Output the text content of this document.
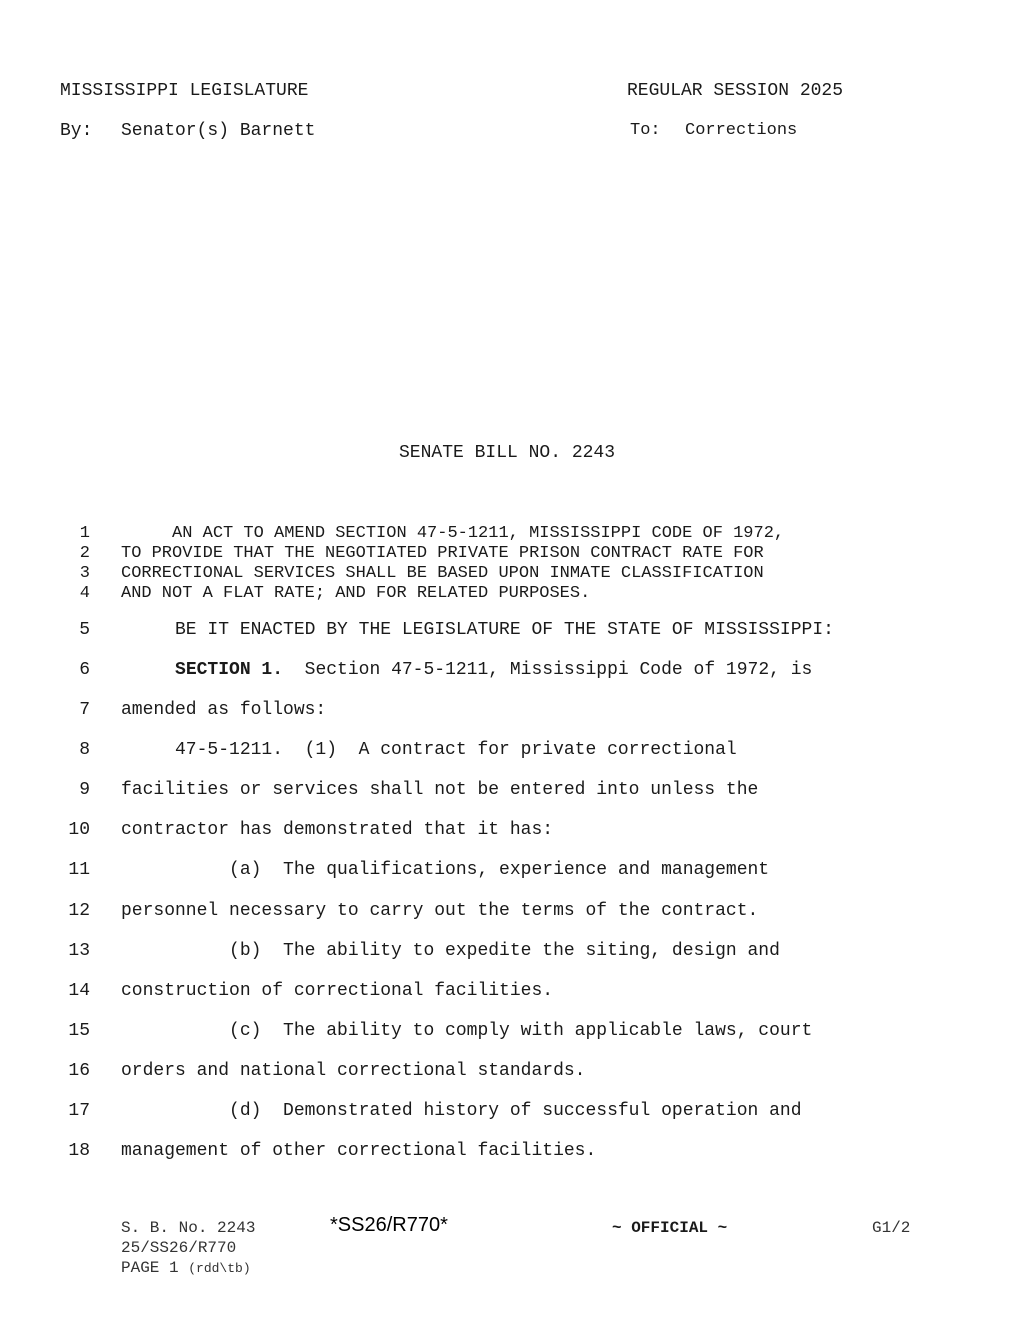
MISSISSIPPI LEGISLATURE	REGULAR SESSION 2025
By: Senator(s) Barnett	To: Corrections
SENATE BILL NO. 2243
1 AN ACT TO AMEND SECTION 47-5-1211, MISSISSIPPI CODE OF 1972,
2 TO PROVIDE THAT THE NEGOTIATED PRIVATE PRISON CONTRACT RATE FOR
3 CORRECTIONAL SERVICES SHALL BE BASED UPON INMATE CLASSIFICATION
4 AND NOT A FLAT RATE; AND FOR RELATED PURPOSES.
5 BE IT ENACTED BY THE LEGISLATURE OF THE STATE OF MISSISSIPPI:
6	SECTION 1.  Section 47-5-1211, Mississippi Code of 1972, is
7 amended as follows:
8 47-5-1211.  (1)  A contract for private correctional
9 facilities or services shall not be entered into unless the
10 contractor has demonstrated that it has:
11 (a)  The qualifications, experience and management
12 personnel necessary to carry out the terms of the contract.
13 (b)  The ability to expedite the siting, design and
14 construction of correctional facilities.
15 (c)  The ability to comply with applicable laws, court
16 orders and national correctional standards.
17 (d)  Demonstrated history of successful operation and
18 management of other correctional facilities.
S. B. No. 2243	*SS26/R770*	~ OFFICIAL ~	G1/2
25/SS26/R770
PAGE 1 (rdd\tb)
